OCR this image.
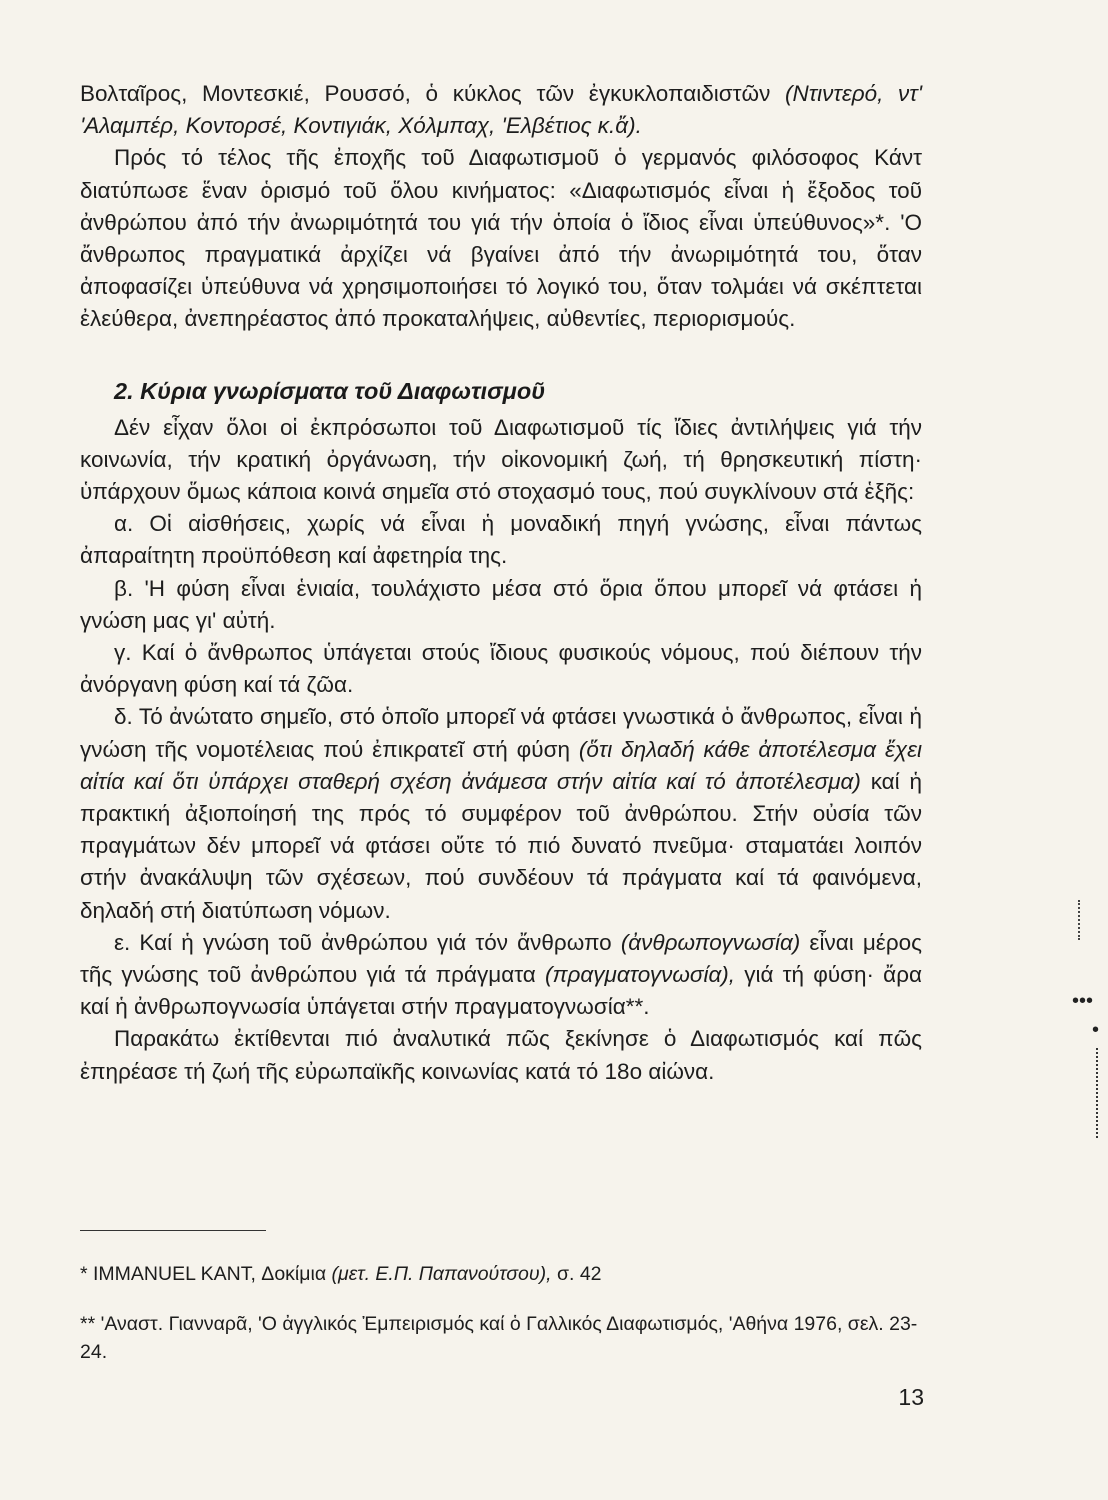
Βολταῖρος, Μοντεσκιέ, Ρουσσό, ὁ κύκλος τῶν ἐγκυκλοπαιδιστῶν (Ντιντερό, ντ' 'Αλαμπέρ, Κοντορσέ, Κοντιγιάκ, Χόλμπαχ, 'Ελβέτιος κ.ἄ).

Πρός τό τέλος τῆς ἐποχῆς τοῦ Διαφωτισμοῦ ὁ γερμανός φιλόσοφος Κάντ διατύπωσε ἕναν ὁρισμό τοῦ ὅλου κινήματος: «Διαφωτισμός εἶναι ἡ ἔξοδος τοῦ ἀνθρώπου ἀπό τήν ἀνωριμότητά του γιά τήν ὁποία ὁ ἴδιος εἶναι ὑπεύθυνος»*. 'Ο ἄνθρωπος πραγματικά ἀρχίζει νά βγαίνει ἀπό τήν ἀνωριμότητά του, ὅταν ἀποφασίζει ὑπεύθυνα νά χρησιμοποιήσει τό λογικό του, ὅταν τολμάει νά σκέπτεται ἐλεύθερα, ἀνεπηρέαστος ἀπό προκαταλήψεις, αὐθεντίες, περιορισμούς.

2. Κύρια γνωρίσματα τοῦ Διαφωτισμοῦ

Δέν εἶχαν ὅλοι οἱ ἐκπρόσωποι τοῦ Διαφωτισμοῦ τίς ἴδιες ἀντιλήψεις γιά τήν κοινωνία, τήν κρατική ὀργάνωση, τήν οἰκονομική ζωή, τή θρησκευτική πίστη· ὑπάρχουν ὅμως κάποια κοινά σημεῖα στό στοχασμό τους, πού συγκλίνουν στά ἑξῆς:

α. Οἱ αἰσθήσεις, χωρίς νά εἶναι ἡ μοναδική πηγή γνώσης, εἶναι πάντως ἀπαραίτητη προϋπόθεση καί ἀφετηρία της.

β. 'Η φύση εἶναι ἑνιαία, τουλάχιστο μέσα στό ὅρια ὅπου μπορεῖ νά φτάσει ἡ γνώση μας γι' αὐτή.

γ. Καί ὁ ἄνθρωπος ὑπάγεται στούς ἴδιους φυσικούς νόμους, πού διέπουν τήν ἀνόργανη φύση καί τά ζῶα.

δ. Τό ἀνώτατο σημεῖο, στό ὁποῖο μπορεῖ νά φτάσει γνωστικά ὁ ἄνθρωπος, εἶναι ἡ γνώση τῆς νομοτέλειας πού ἐπικρατεῖ στή φύση (ὅτι δηλαδή κάθε ἀποτέλεσμα ἔχει αἰτία καί ὅτι ὑπάρχει σταθερή σχέση ἀνάμεσα στήν αἰτία καί τό ἀποτέλεσμα) καί ἡ πρακτική ἀξιοποίησή της πρός τό συμφέρον τοῦ ἀνθρώπου. Στήν οὐσία τῶν πραγμάτων δέν μπορεῖ νά φτάσει οὔτε τό πιό δυνατό πνεῦμα· σταματάει λοιπόν στήν ἀνακάλυψη τῶν σχέσεων, πού συνδέουν τά πράγματα καί τά φαινόμενα, δηλαδή στή διατύπωση νόμων.

ε. Καί ἡ γνώση τοῦ ἀνθρώπου γιά τόν ἄνθρωπο (ἀνθρωπογνωσία) εἶναι μέρος τῆς γνώσης τοῦ ἀνθρώπου γιά τά πράγματα (πραγματογνωσία), γιά τή φύση· ἄρα καί ἡ ἀνθρωπογνωσία ὑπάγεται στήν πραγματογνωσία**.

Παρακάτω ἐκτίθενται πιό ἀναλυτικά πῶς ξεκίνησε ὁ Διαφωτισμός καί πῶς ἐπηρέασε τή ζωή τῆς εὐρωπαϊκῆς κοινωνίας κατά τό 18ο αἰώνα.

* IMMANUEL KANT, Δοκίμια (μετ. Ε.Π. Παπανούτσου), σ. 42
** 'Αναστ. Γιανναρᾶ, 'Ο ἀγγλικός Ἐμπειρισμός καί ὁ Γαλλικός Διαφωτισμός, 'Αθήνα 1976, σελ. 23-24.
13
•••
•
